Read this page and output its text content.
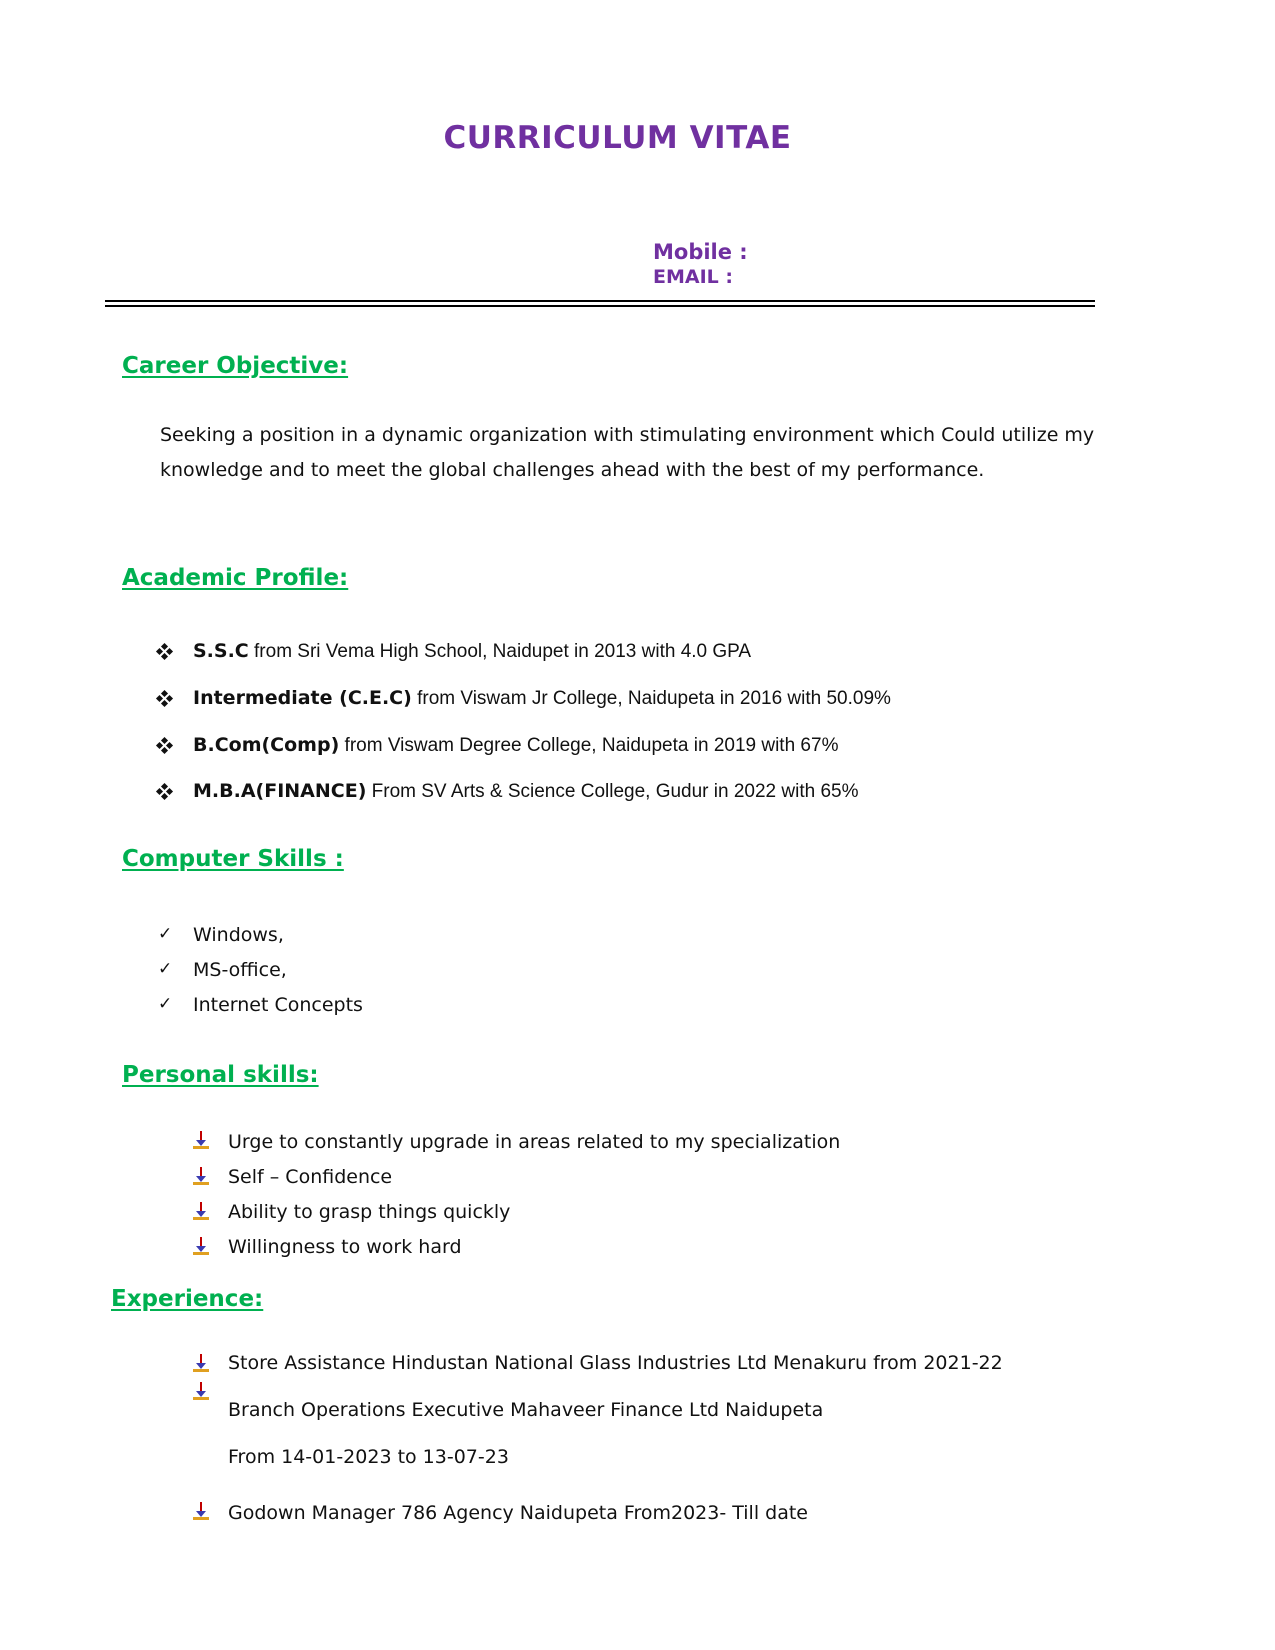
CURRICULUM VITAE
Mobile :
EMAIL :
Career Objective:
Seeking a position in a dynamic organization with stimulating environment which Could utilize my
knowledge and to meet the global challenges ahead with the best of my performance.
Academic Profile:
S.S.C from Sri Vema High School, Naidupet in 2013 with 4.0 GPA
Intermediate (C.E.C) from Viswam Jr College, Naidupeta in 2016 with 50.09%
B.Com(Comp) from Viswam Degree College, Naidupeta in 2019 with 67%
M.B.A(FINANCE) From SV Arts & Science College, Gudur in 2022 with 65%
Computer Skills :
✓ Windows,
✓ MS-office,
✓ Internet Concepts
Personal skills:
Urge to constantly upgrade in areas related to my specialization
Self – Confidence
Ability to grasp things quickly
Willingness to work hard
Experience:
Store Assistance Hindustan National Glass Industries Ltd Menakuru from 2021-22
Branch Operations Executive Mahaveer Finance Ltd Naidupeta
From 14-01-2023 to 13-07-23
Godown Manager 786 Agency Naidupeta From2023- Till date
